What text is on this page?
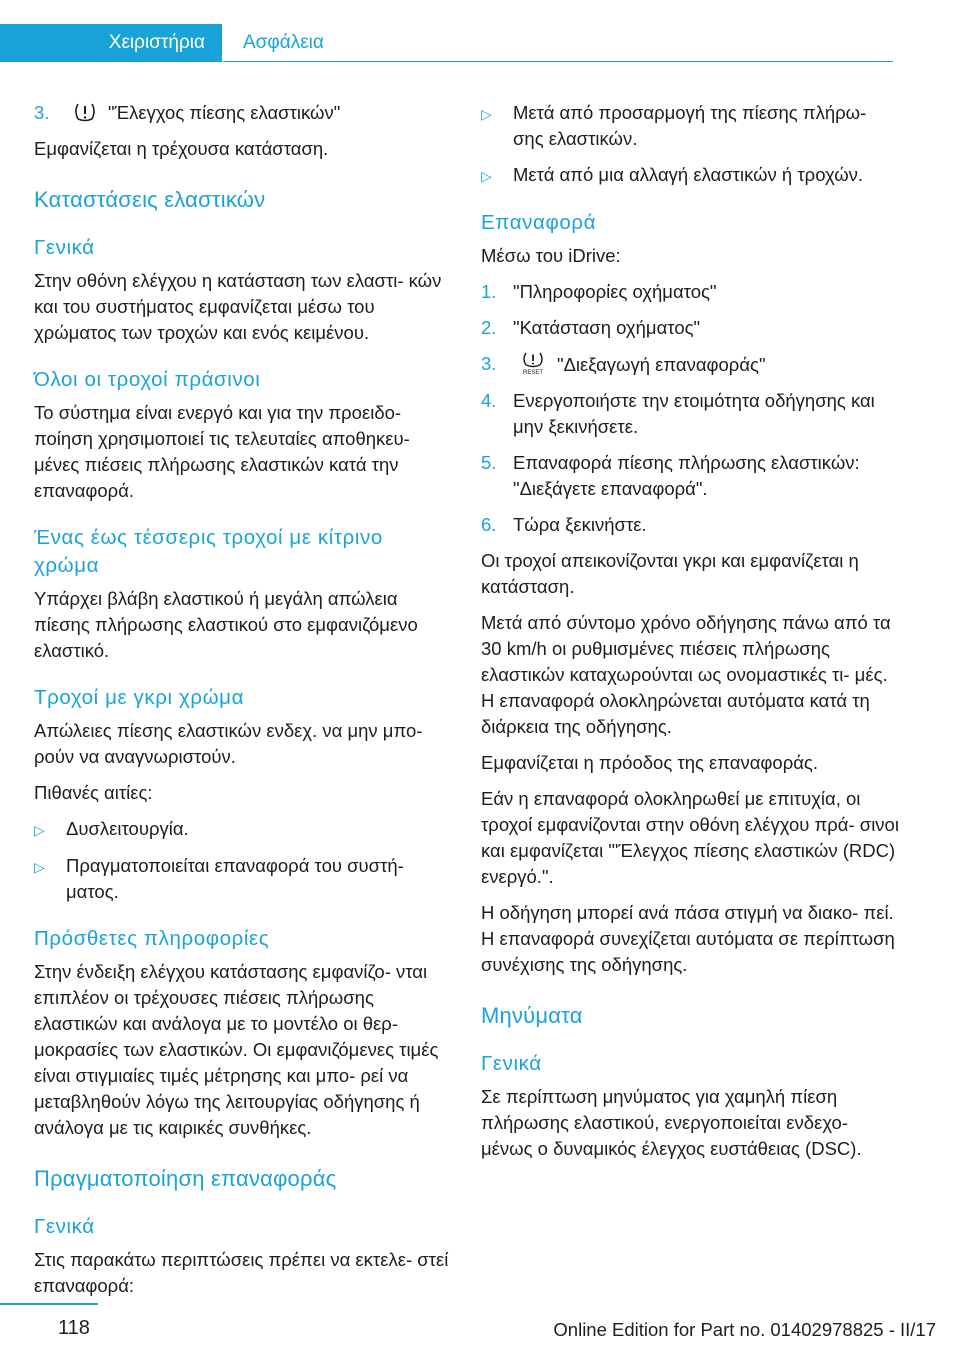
Χειριστήρια	Ασφάλεια
3.	"Έλεγχος πίεσης ελαστικών"

Εμφανίζεται η τρέχουσα κατάσταση.

Καταστάσεις ελαστικών
Γενικά

Στην οθόνη ελέγχου η κατάσταση των ελαστι‐ κών και του συστήματος εμφανίζεται μέσω του χρώματος των τροχών και ενός κειμένου.

Όλοι οι τροχοί πράσινοι

Το σύστημα είναι ενεργό και για την προειδο‐ ποίηση χρησιμοποιεί τις τελευταίες αποθηκευ‐ μένες πιέσεις πλήρωσης ελαστικών κατά την επαναφορά.

Ένας έως τέσσερις τροχοί με κίτρινο χρώμα

Υπάρχει βλάβη ελαστικού ή μεγάλη απώλεια πίεσης πλήρωσης ελαστικού στο εμφανιζόμενο ελαστικό.

Τροχοί με γκρι χρώμα

Απώλειες πίεσης ελαστικών ενδεχ. να μην μπο‐ ρούν να αναγνωριστούν.

Πιθανές αιτίες:

▷	Δυσλειτουργία.
▷	Πραγματοποιείται επαναφορά του συστή‐ ματος.
Πρόσθετες πληροφορίες

Στην ένδειξη ελέγχου κατάστασης εμφανίζο‐ νται επιπλέον οι τρέχουσες πιέσεις πλήρωσης ελαστικών και ανάλογα με το μοντέλο οι θερ‐ μοκρασίες των ελαστικών. Οι εμφανιζόμενες τιμές είναι στιγμιαίες τιμές μέτρησης και μπο‐ ρεί να μεταβληθούν λόγω της λειτουργίας οδήγησης ή ανάλογα με τις καιρικές συνθήκες.

Πραγματοποίηση επαναφοράς
Γενικά

Στις παρακάτω περιπτώσεις πρέπει να εκτελε‐ στεί επαναφορά:

▷	Μετά από προσαρμογή της πίεσης πλήρω‐ σης ελαστικών.
▷	Μετά από μια αλλαγή ελαστικών ή τροχών.
Επαναφορά

Μέσω του iDrive:

1. "Πληροφορίες οχήματος"
2. "Κατάσταση οχήματος"
3.	RESET "Διεξαγωγή επαναφοράς"
4. Ενεργοποιήστε την ετοιμότητα οδήγησης και μην ξεκινήσετε.
5. Επαναφορά πίεσης πλήρωσης ελαστικών: "Διεξάγετε επαναφορά".
6. Τώρα ξεκινήστε.

Οι τροχοί απεικονίζονται γκρι και εμφανίζεται η κατάσταση.

Μετά από σύντομο χρόνο οδήγησης πάνω από τα 30 km/h οι ρυθμισμένες πιέσεις πλήρωσης ελαστικών καταχωρούνται ως ονομαστικές τι‐ μές. Η επαναφορά ολοκληρώνεται αυτόματα κατά τη διάρκεια της οδήγησης.

Εμφανίζεται η πρόοδος της επαναφοράς.

Εάν η επαναφορά ολοκληρωθεί με επιτυχία, οι τροχοί εμφανίζονται στην οθόνη ελέγχου πρά‐ σινοι και εμφανίζεται "'Έλεγχος πίεσης ελαστικών (RDC) ενεργό.".

Η οδήγηση μπορεί ανά πάσα στιγμή να διακο‐ πεί. Η επαναφορά συνεχίζεται αυτόματα σε περίπτωση συνέχισης της οδήγησης.

Μηνύματα
Γενικά

Σε περίπτωση μηνύματος για χαμηλή πίεση πλήρωσης ελαστικού, ενεργοποιείται ενδεχο‐ μένως ο δυναμικός έλεγχος ευστάθειας (DSC).

118	Online Edition for Part no. 01402978825 - II/17
